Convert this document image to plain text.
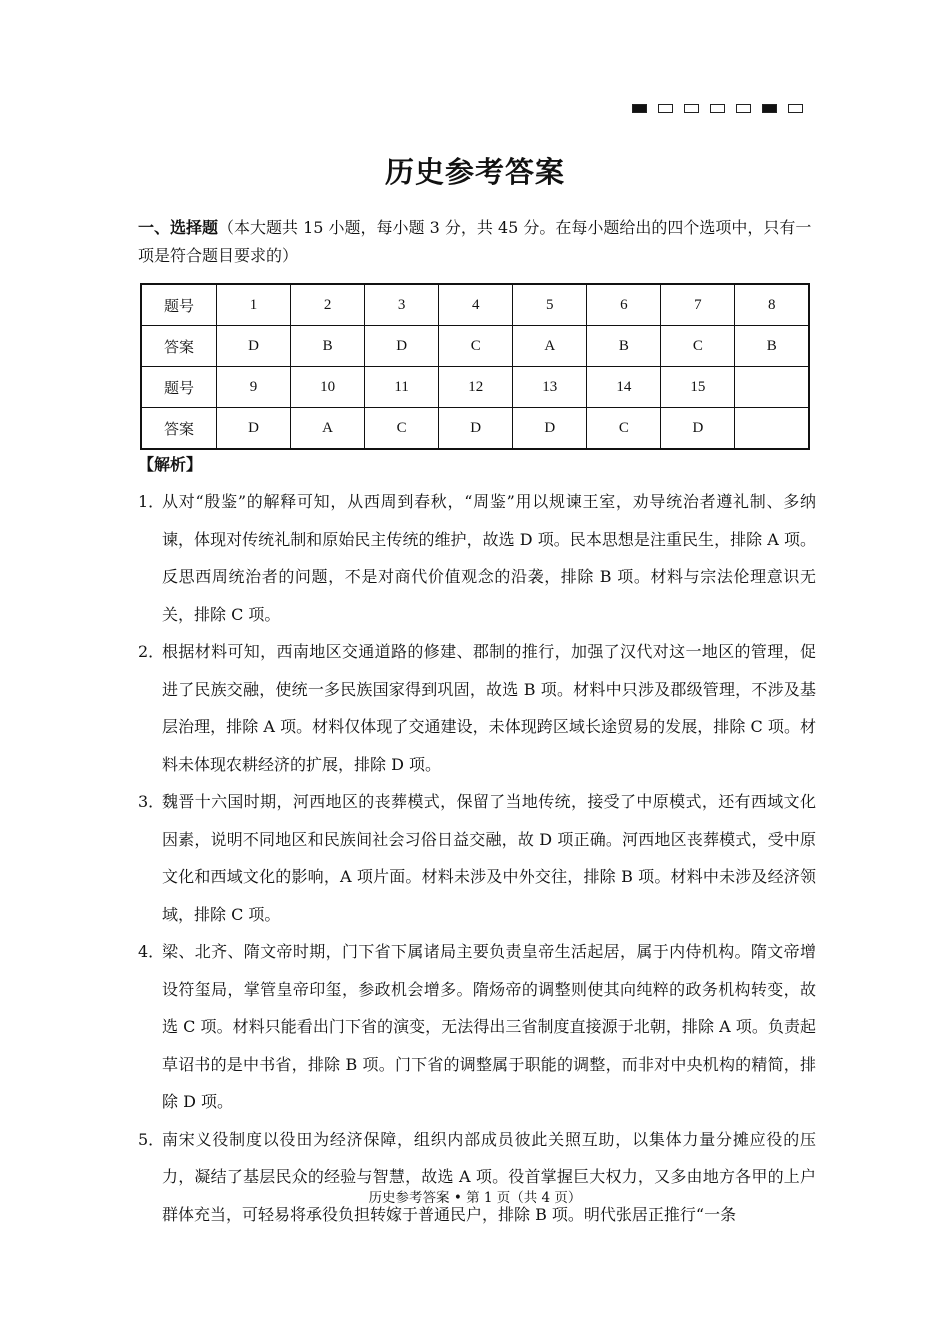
历史参考答案
一、选择题（本大题共 15 小题，每小题 3 分，共 45 分。在每小题给出的四个选项中，只有一项是符合题目要求的）
题号	1	2	3	4	5	6	7	8
答案	D	B	D	C	A	B	C	B
题号	9	10	11	12	13	14	15	
答案	D	A	C	D	D	C	D	
【解析】
1．
从对“殷鉴”的解释可知，从西周到春秋，“周鉴”用以规谏王室，劝导统治者遵礼制、多纳谏，体现对传统礼制和原始民主传统的维护，故选 D 项。民本思想是注重民生，排除 A 项。反思西周统治者的问题，不是对商代价值观念的沿袭，排除 B 项。材料与宗法伦理意识无关，排除 C 项。
2．
根据材料可知，西南地区交通道路的修建、郡制的推行，加强了汉代对这一地区的管理，促进了民族交融，使统一多民族国家得到巩固，故选 B 项。材料中只涉及郡级管理，不涉及基层治理，排除 A 项。材料仅体现了交通建设，未体现跨区域长途贸易的发展，排除 C 项。材料未体现农耕经济的扩展，排除 D 项。
3．
魏晋十六国时期，河西地区的丧葬模式，保留了当地传统，接受了中原模式，还有西域文化因素，说明不同地区和民族间社会习俗日益交融，故 D 项正确。河西地区丧葬模式，受中原文化和西域文化的影响，A 项片面。材料未涉及中外交往，排除 B 项。材料中未涉及经济领域，排除 C 项。
4．
梁、北齐、隋文帝时期，门下省下属诸局主要负责皇帝生活起居，属于内侍机构。隋文帝增设符玺局，掌管皇帝印玺，参政机会增多。隋炀帝的调整则使其向纯粹的政务机构转变，故选 C 项。材料只能看出门下省的演变，无法得出三省制度直接源于北朝，排除 A 项。负责起草诏书的是中书省，排除 B 项。门下省的调整属于职能的调整，而非对中央机构的精简，排除 D 项。
5．
南宋义役制度以役田为经济保障，组织内部成员彼此关照互助，以集体力量分摊应役的压力，凝结了基层民众的经验与智慧，故选 A 项。役首掌握巨大权力，又多由地方各甲的上户群体充当，可轻易将承役负担转嫁于普通民户，排除 B 项。明代张居正推行“一条
历史参考答案 • 第 1 页（共 4 页）
